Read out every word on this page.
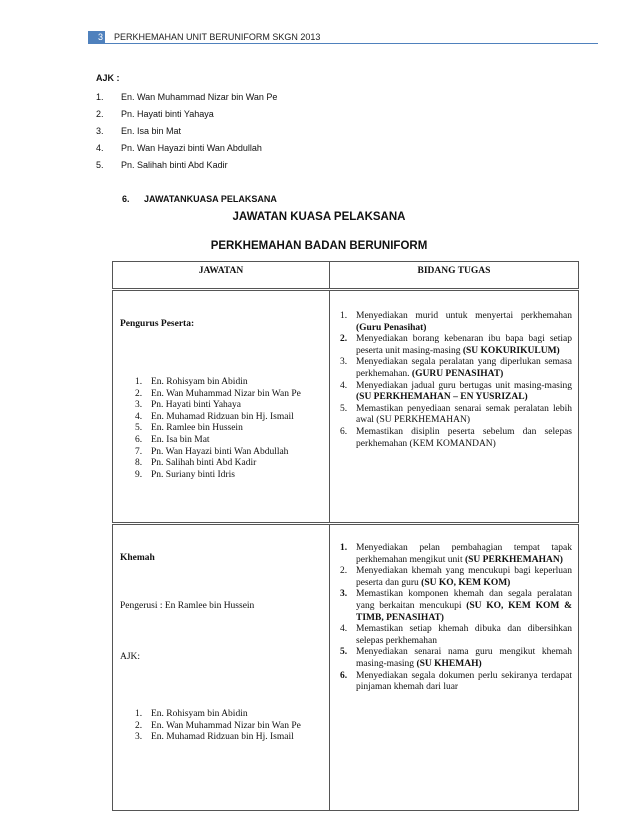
3 PERKHEMAHAN UNIT BERUNIFORM SKGN 2013
AJK :
1. En. Wan Muhammad Nizar bin Wan Pe
2. Pn. Hayati binti Yahaya
3. En. Isa bin Mat
4. Pn. Wan Hayazi binti Wan Abdullah
5. Pn. Salihah binti Abd Kadir
6. JAWATANKUASA PELAKSANA
JAWATAN KUASA PELAKSANA
PERKHEMAHAN BADAN BERUNIFORM
JAWATAN	BIDANG TUGAS
Pengurus Peserta:
1. En. Rohisyam bin Abidin
2. En. Wan Muhammad Nizar bin Wan Pe
3. Pn. Hayati binti Yahaya
4. En. Muhamad Ridzuan bin Hj. Ismail
5. En. Ramlee bin Hussein
6. En. Isa bin Mat
7. Pn. Wan Hayazi binti Wan Abdullah
8. Pn. Salihah binti Abd Kadir
9. Pn. Suriany binti Idris
1. Menyediakan murid untuk menyertai perkhemahan (Guru Penasihat)
2. Menyediakan borang kebenaran ibu bapa bagi setiap peserta unit masing-masing (SU KOKURIKULUM)
3. Menyediakan segala peralatan yang diperlukan semasa perkhemahan. (GURU PENASIHAT)
4. Menyediakan jadual guru bertugas unit masing-masing (SU PERKHEMAHAN – EN YUSRIZAL)
5. Memastikan penyediaan senarai semak peralatan lebih awal (SU PERKHEMAHAN)
6. Memastikan disiplin peserta sebelum dan selepas perkhemahan (KEM KOMANDAN)
Khemah
Pengerusi : En Ramlee bin Hussein
AJK:
1. En. Rohisyam bin Abidin
2. En. Wan Muhammad Nizar bin Wan Pe
3. En. Muhamad Ridzuan bin Hj. Ismail
1. Menyediakan pelan pembahagian tempat tapak perkhemahan mengikut unit (SU PERKHEMAHAN)
2. Menyediakan khemah yang mencukupi bagi keperluan peserta dan guru (SU KO, KEM KOM)
3. Memastikan komponen khemah dan segala peralatan yang berkaitan mencukupi (SU KO, KEM KOM & TIMB, PENASIHAT)
4. Memastikan setiap khemah dibuka dan dibersihkan selepas perkhemahan
5. Menyediakan senarai nama guru mengikut khemah masing-masing (SU KHEMAH)
6. Menyediakan segala dokumen perlu sekiranya terdapat pinjaman khemah dari luar
